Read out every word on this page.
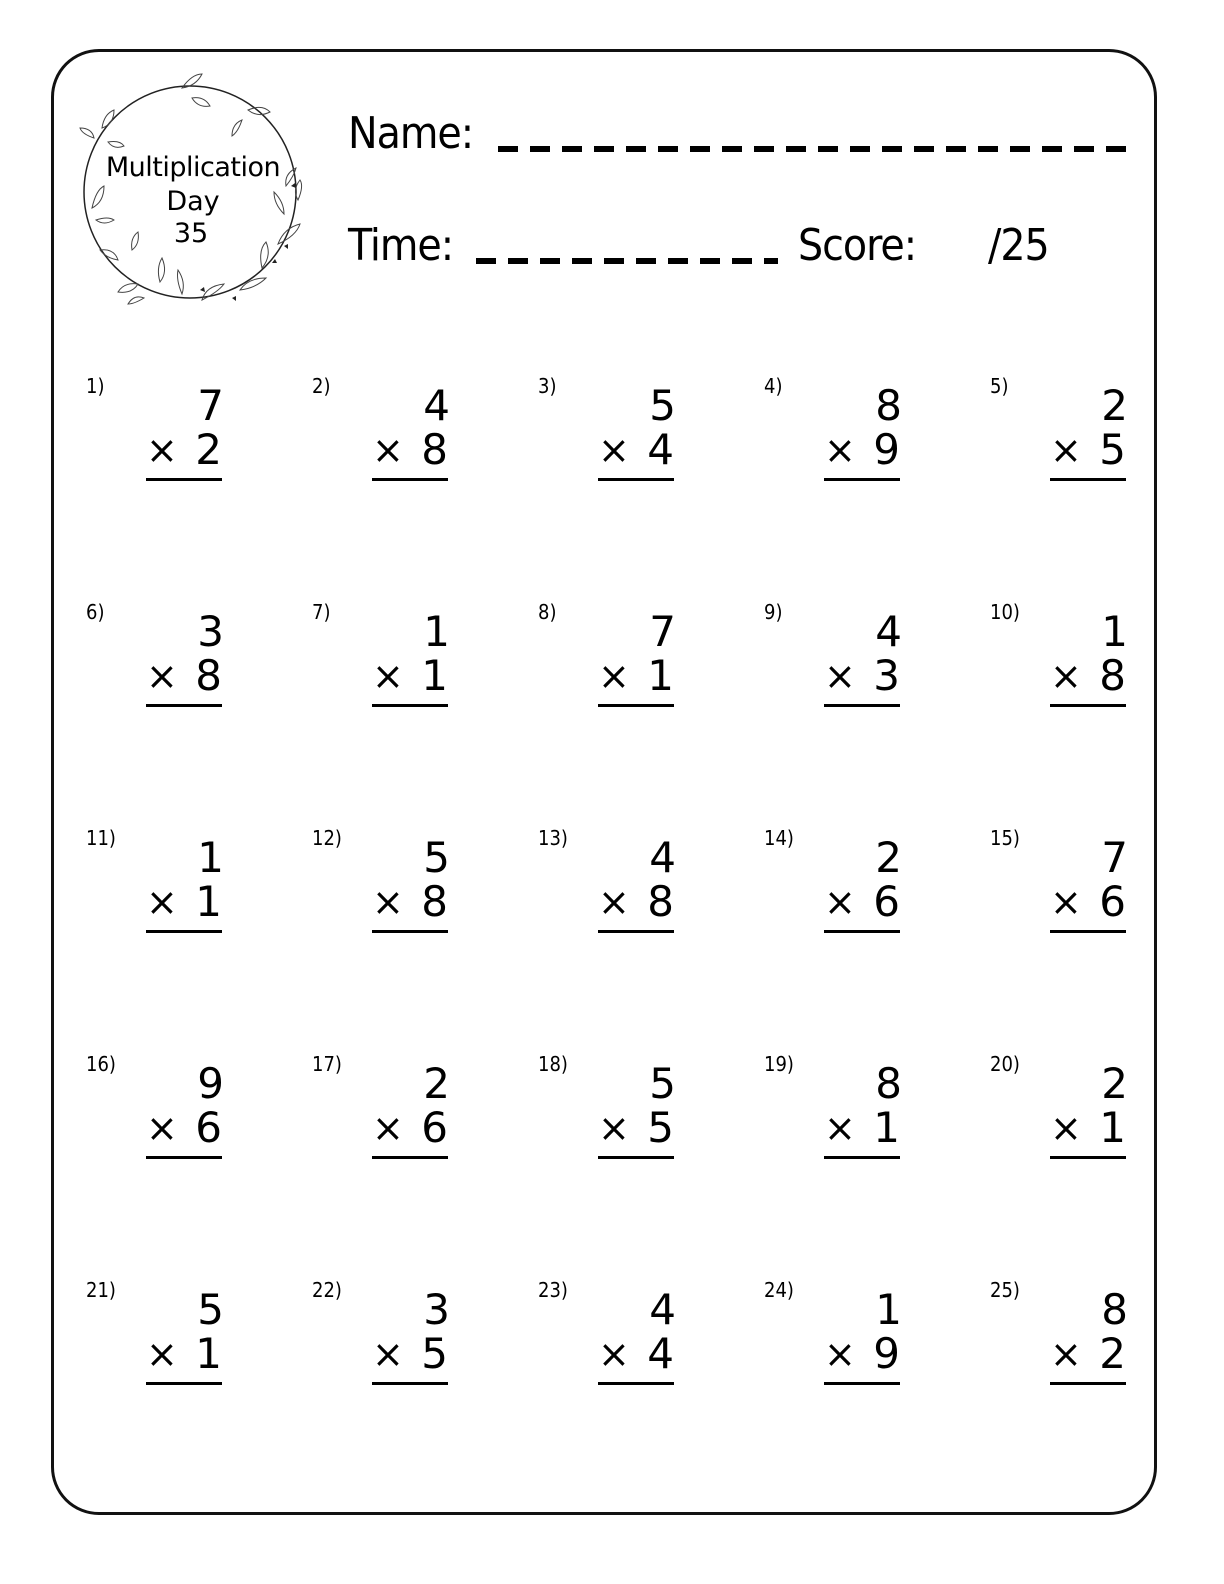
Multiplication
Day
35
Name:
Time:	Score: /25
1) 7
× 2
2) 4
× 8
3) 5
× 4
4) 8
× 9
5) 2
× 5
6) 3
× 8
7) 1
× 1
8) 7
× 1
9) 4
× 3
10) 1
× 8
11) 1
× 1
12) 5
× 8
13) 4
× 8
14) 2
× 6
15) 7
× 6
16) 9
× 6
17) 2
× 6
18) 5
× 5
19) 8
× 1
20) 2
× 1
21) 5
× 1
22) 3
× 5
23) 4
× 4
24) 1
× 9
25) 8
× 2
